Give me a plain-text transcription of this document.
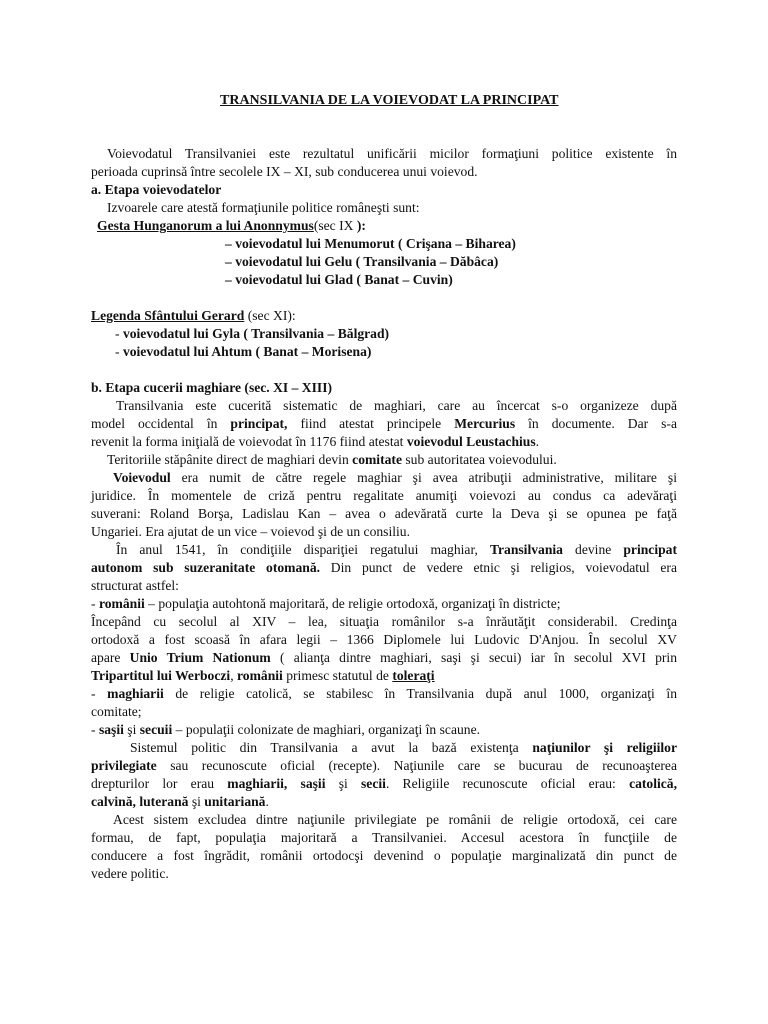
TRANSILVANIA DE LA VOIEVODAT LA PRINCIPAT
Voievodatul Transilvaniei este rezultatul unificării micilor formaţiuni politice existente în
perioada cuprinsă între secolele IX – XI, sub conducerea unui voievod.
a. Etapa voievodatelor
Izvoarele care atestă formaţiunile politice româneşti sunt:
Gesta Hunganorum a lui Anonnymus(sec IX ):
– voievodatul lui Menumorut ( Crişana – Biharea)
– voievodatul lui Gelu ( Transilvania – Dăbâca)
– voievodatul lui Glad ( Banat – Cuvin)
Legenda Sfântului Gerard (sec XI):
- voievodatul lui Gyla ( Transilvania – Bălgrad)
- voievodatul lui Ahtum ( Banat – Morisena)
b. Etapa cucerii maghiare (sec. XI – XIII)
Transilvania este cucerită sistematic de maghiari, care au încercat s-o organizeze după
model occidental în principat, fiind atestat principele Mercurius în documente. Dar s-a
revenit la forma iniţială de voievodat în 1176 fiind atestat voievodul Leustachius.
Teritoriile stăpânite direct de maghiari devin comitate sub autoritatea voievodului.
Voievodul era numit de către regele maghiar şi avea atribuţii administrative, militare şi
juridice. În momentele de criză pentru regalitate anumiţi voievozi au condus ca adevăraţi
suverani: Roland Borşa, Ladislau Kan – avea o adevărată curte la Deva şi se opunea pe faţă
Ungariei. Era ajutat de un vice – voievod şi de un consiliu.
În anul 1541, în condiţiile dispariţiei regatului maghiar, Transilvania devine principat
autonom sub suzeranitate otomană. Din punct de vedere etnic şi religios, voievodatul era
structurat astfel:
- românii – populaţia autohtonă majoritară, de religie ortodoxă, organizaţi în districte;
Începând cu secolul al XIV – lea, situaţia românilor s-a înrăutăţit considerabil. Credinţa
ortodoxă a fost scoasă în afara legii – 1366 Diplomele lui Ludovic D'Anjou. În secolul XV
apare Unio Trium Nationum ( alianţa dintre maghiari, saşi şi secui) iar în secolul XVI prin
Tripartitul lui Werboczi, românii primesc statutul de toleraţi
- maghiarii de religie catolică, se stabilesc în Transilvania după anul 1000, organizaţi în
comitate;
- saşii şi secuii – populaţii colonizate de maghiari, organizaţi în scaune.
Sistemul politic din Transilvania a avut la bază existenţa naţiunilor şi religiilor
privilegiate sau recunoscute oficial (recepte). Naţiunile care se bucurau de recunoaşterea
drepturilor lor erau maghiarii, saşii şi secii. Religiile recunoscute oficial erau: catolică,
calvină, luterană şi unitariană.
Acest sistem excludea dintre naţiunile privilegiate pe românii de religie ortodoxă, cei care
formau, de fapt, populaţia majoritară a Transilvaniei. Accesul acestora în funcţiile de
conducere a fost îngrădit, românii ortodocşi devenind o populaţie marginalizată din punct de
vedere politic.
